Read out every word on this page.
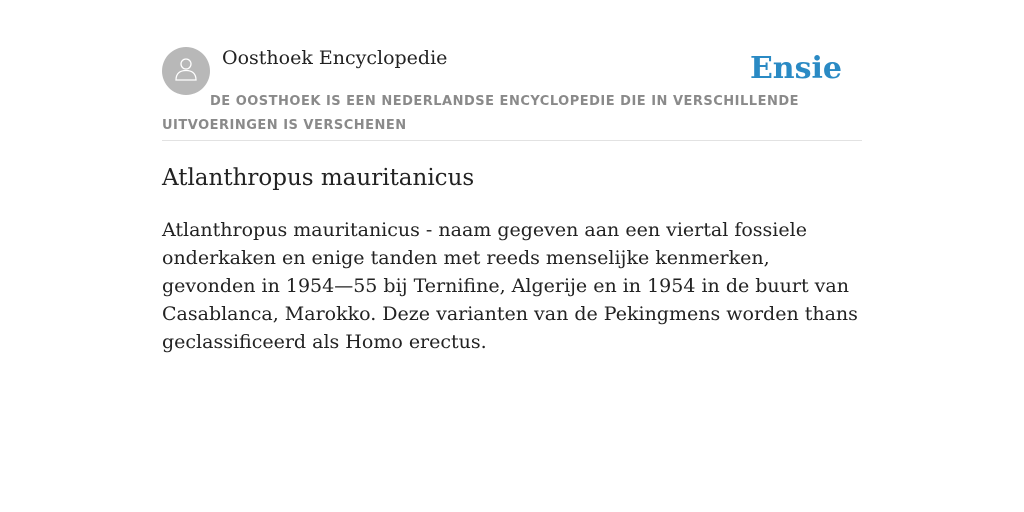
Oosthoek Encyclopedie	Ensie
DE OOSTHOEK IS EEN NEDERLANDSE ENCYCLOPEDIE DIE IN VERSCHILLENDE UITVOERINGEN IS VERSCHENEN
Atlanthropus mauritanicus

Atlanthropus mauritanicus - naam gegeven aan een viertal fossiele onderkaken en enige tanden met reeds menselijke kenmerken, gevonden in 1954—55 bij Ternifine, Algerije en in 1954 in de buurt van Casablanca, Marokko. Deze varianten van de Pekingmens worden thans geclassificeerd als Homo erectus.
